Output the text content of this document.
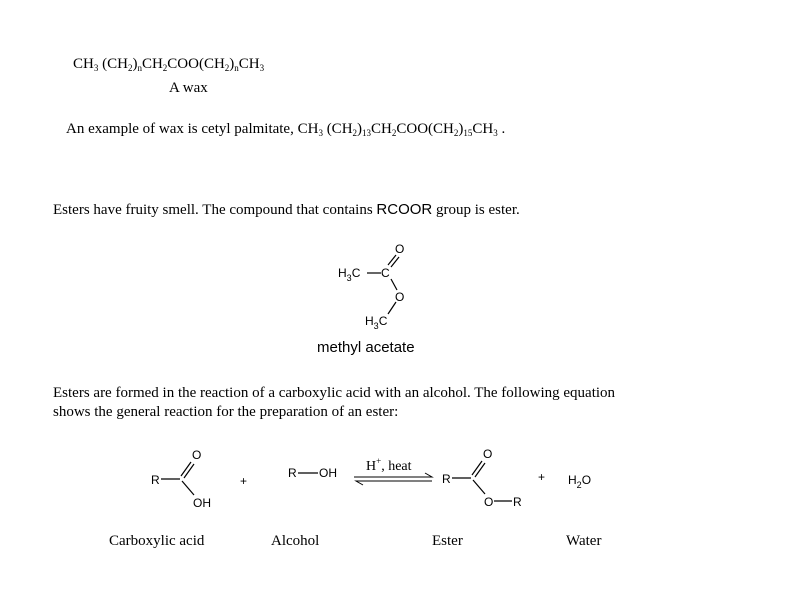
$CH_3$ $(CH_2)_nCH_2COO(CH_2)_nCH_3$
A wax
An example of wax is cetyl palmitate, $CH_3$ $(CH_2)_{13}CH_2COO(CH_2)_{15}CH_3$ .
Esters have fruity smell. The compound that contains RCOOR group is ester.
O
$H_3C$ C
O
$H_3C$
methyl acetate
Esters are formed in the reaction of a carboxylic acid with an alcohol. The following equation
shows the general reaction for the preparation of an ester:
R
O
OH
+
R OH H+, heat
R
O
O R
+ $H_2O$
Carboxylic acid	Alcohol	Ester	Water
